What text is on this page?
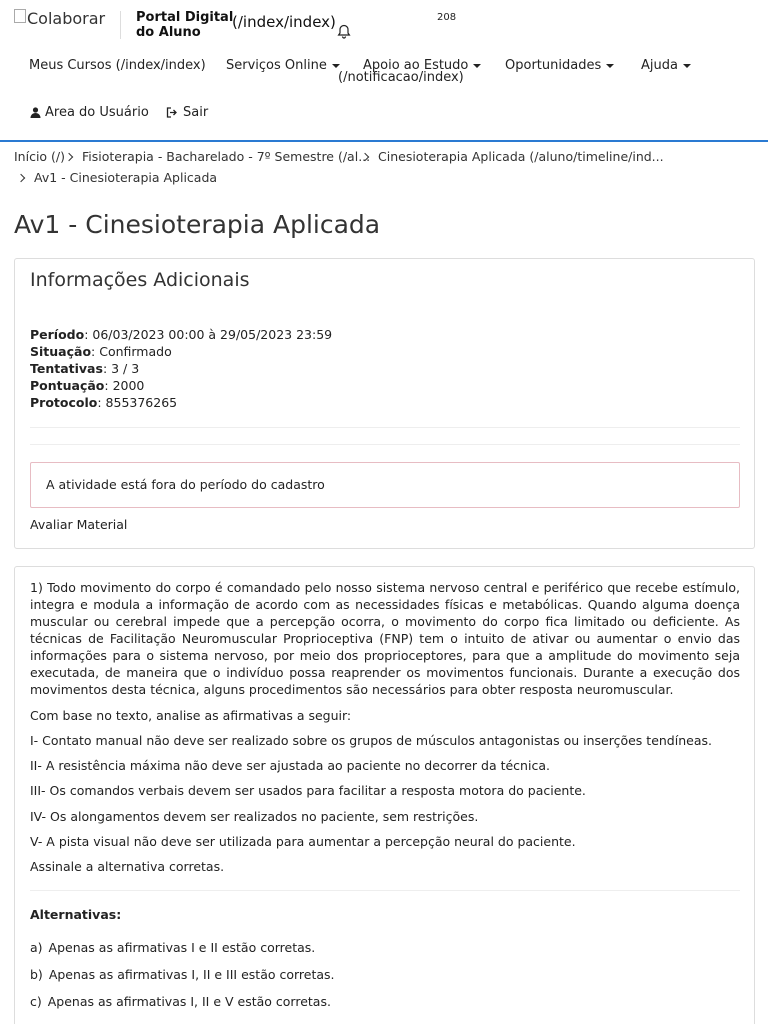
Colaborar Portal Digital
do Aluno
(/index/index)	208
Meus Cursos (/index/index) Serviços Online	Apoio ao Estudo	Oportunidades	Ajuda
(/notificacao/index)
Area do Usuário	Sair
Início (/) Fisioterapia - Bacharelado - 7º Semestre (/al... Cinesioterapia Aplicada (/aluno/timeline/ind...
Av1 - Cinesioterapia Aplicada
Av1 - Cinesioterapia Aplicada
Informações Adicionais
Período: 06/03/2023 00:00 à 29/05/2023 23:59
Situação: Confirmado
Tentativas: 3 / 3
Pontuação: 2000
Protocolo: 855376265
A atividade está fora do período do cadastro
Avaliar Material

1) Todo movimento do corpo é comandado pelo nosso sistema nervoso central e periférico que recebe estímulo, integra e modula a informação de acordo com as necessidades físicas e metabólicas. Quando alguma doença muscular ou cerebral impede que a percepção ocorra, o movimento do corpo fica limitado ou deficiente. As técnicas de Facilitação Neuromuscular Proprioceptiva (FNP) tem o intuito de ativar ou aumentar o envio das informações para o sistema nervoso, por meio dos proprioceptores, para que a amplitude do movimento seja executada, de maneira que o indivíduo possa reaprender os movimentos funcionais. Durante a execução dos movimentos desta técnica, alguns procedimentos são necessários para obter resposta neuromuscular.

Com base no texto, analise as afirmativas a seguir:
I- Contato manual não deve ser realizado sobre os grupos de músculos antagonistas ou inserções tendíneas.
II- A resistência máxima não deve ser ajustada ao paciente no decorrer da técnica.
III- Os comandos verbais devem ser usados para facilitar a resposta motora do paciente.
IV- Os alongamentos devem ser realizados no paciente, sem restrições.
V- A pista visual não deve ser utilizada para aumentar a percepção neural do paciente.
Assinale a alternativa corretas.
Alternativas:
a) Apenas as afirmativas I e II estão corretas.
b) Apenas as afirmativas I, II e III estão corretas.
c) Apenas as afirmativas I, II e V estão corretas.
